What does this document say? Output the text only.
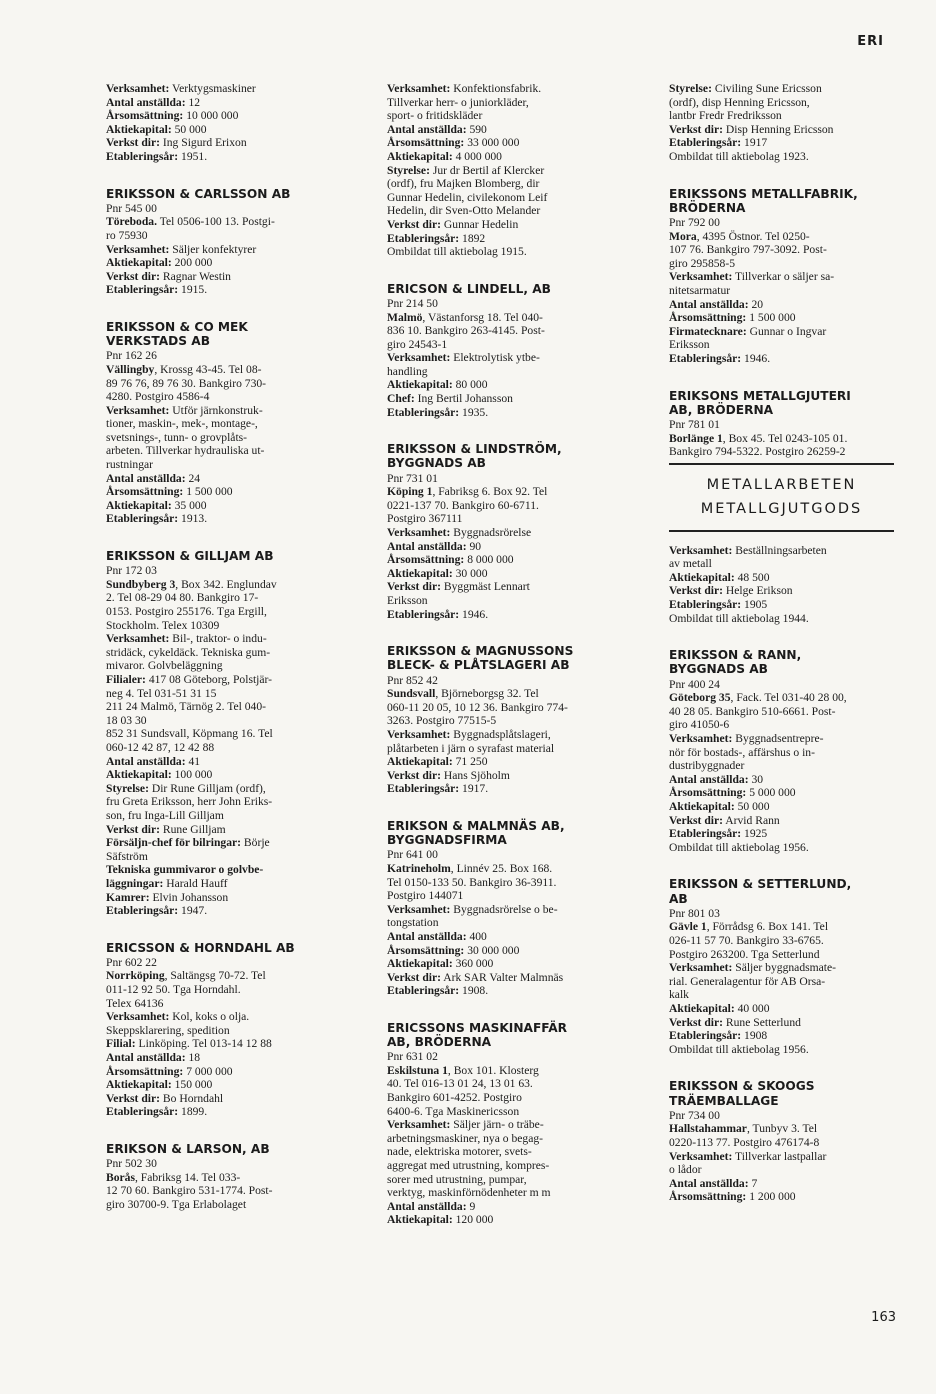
ERI
Verksamhet: Verktygsmaskiner
Antal anställda: 12
Årsomsättning: 10 000 000
Aktiekapital: 50 000
Verkst dir: Ing Sigurd Erixon
Etableringsår: 1951.
ERIKSSON & CARLSSON AB
Pnr 545 00
Töreboda. Tel 0506-100 13. Postgi-
ro 75930
Verksamhet: Säljer konfektyrer
Aktiekapital: 200 000
Verkst dir: Ragnar Westin
Etableringsår: 1915.
ERIKSSON & CO MEK
VERKSTADS AB
Pnr 162 26
Vällingby, Krossg 43-45. Tel 08-
89 76 76, 89 76 30. Bankgiro 730-
4280. Postgiro 4586-4
Verksamhet: Utför järnkonstruk-
tioner, maskin-, mek-, montage-,
svetsnings-, tunn- o grovplåts-
arbeten. Tillverkar hydrauliska ut-
rustningar
Antal anställda: 24
Årsomsättning: 1 500 000
Aktiekapital: 35 000
Etableringsår: 1913.
ERIKSSON & GILLJAM AB
Pnr 172 03
Sundbyberg 3, Box 342. Englundav
2. Tel 08-29 04 80. Bankgiro 17-
0153. Postgiro 255176. Tga Ergill,
Stockholm. Telex 10309
Verksamhet: Bil-, traktor- o indu-
stridäck, cykeldäck. Tekniska gum-
mivaror. Golvbeläggning
Filialer: 417 08 Göteborg, Polstjär-
neg 4. Tel 031-51 31 15
211 24 Malmö, Tärnög 2. Tel 040-
18 03 30
852 31 Sundsvall, Köpmang 16. Tel
060-12 42 87, 12 42 88
Antal anställda: 41
Aktiekapital: 100 000
Styrelse: Dir Rune Gilljam (ordf),
fru Greta Eriksson, herr John Eriks-
son, fru Inga-Lill Gilljam
Verkst dir: Rune Gilljam
Försäljn-chef för bilringar: Börje
Säfström
Tekniska gummivaror o golvbe-
läggningar: Harald Hauff
Kamrer: Elvin Johansson
Etableringsår: 1947.
ERICSSON & HORNDAHL AB
Pnr 602 22
Norrköping, Saltängsg 70-72. Tel
011-12 92 50. Tga Horndahl.
Telex 64136
Verksamhet: Kol, koks o olja.
Skeppsklarering, spedition
Filial: Linköping. Tel 013-14 12 88
Antal anställda: 18
Årsomsättning: 7 000 000
Aktiekapital: 150 000
Verkst dir: Bo Horndahl
Etableringsår: 1899.
ERIKSON & LARSON, AB
Pnr 502 30
Borås, Fabriksg 14. Tel 033-
12 70 60. Bankgiro 531-1774. Post-
giro 30700-9. Tga Erlabolaget
Verksamhet: Konfektionsfabrik.
Tillverkar herr- o juniorkläder,
sport- o fritidskläder
Antal anställda: 590
Årsomsättning: 33 000 000
Aktiekapital: 4 000 000
Styrelse: Jur dr Bertil af Klercker
(ordf), fru Majken Blomberg, dir
Gunnar Hedelin, civilekonom Leif
Hedelin, dir Sven-Otto Melander
Verkst dir: Gunnar Hedelin
Etableringsår: 1892
Ombildat till aktiebolag 1915.
ERICSON & LINDELL, AB
Pnr 214 50
Malmö, Västanforsg 18. Tel 040-
836 10. Bankgiro 263-4145. Post-
giro 24543-1
Verksamhet: Elektrolytisk ytbe-
handling
Aktiekapital: 80 000
Chef: Ing Bertil Johansson
Etableringsår: 1935.
ERIKSSON & LINDSTRÖM,
BYGGNADS AB
Pnr 731 01
Köping 1, Fabriksg 6. Box 92. Tel
0221-137 70. Bankgiro 60-6711.
Postgiro 367111
Verksamhet: Byggnadsrörelse
Antal anställda: 90
Årsomsättning: 8 000 000
Aktiekapital: 30 000
Verkst dir: Byggmäst Lennart
Eriksson
Etableringsår: 1946.
ERIKSSON & MAGNUSSONS
BLECK- & PLÅTSLAGERI AB
Pnr 852 42
Sundsvall, Björneborgsg 32. Tel
060-11 20 05, 10 12 36. Bankgiro 774-
3263. Postgiro 77515-5
Verksamhet: Byggnadsplåtslageri,
plåtarbeten i järn o syrafast material
Aktiekapital: 71 250
Verkst dir: Hans Sjöholm
Etableringsår: 1917.
ERIKSON & MALMNÄS AB,
BYGGNADSFIRMA
Pnr 641 00
Katrineholm, Linnév 25. Box 168.
Tel 0150-133 50. Bankgiro 36-3911.
Postgiro 144071
Verksamhet: Byggnadsrörelse o be-
tongstation
Antal anställda: 400
Årsomsättning: 30 000 000
Aktiekapital: 360 000
Verkst dir: Ark SAR Valter Malmnäs
Etableringsår: 1908.
ERICSSONS MASKINAFFÄR
AB, BRÖDERNA
Pnr 631 02
Eskilstuna 1, Box 101. Klosterg
40. Tel 016-13 01 24, 13 01 63.
Bankgiro 601-4252. Postgiro
6400-6. Tga Maskinericsson
Verksamhet: Säljer järn- o träbe-
arbetningsmaskiner, nya o begag-
nade, elektriska motorer, svets-
aggregat med utrustning, kompres-
sorer med utrustning, pumpar,
verktyg, maskinförnödenheter m m
Antal anställda: 9
Aktiekapital: 120 000
Styrelse: Civiling Sune Ericsson
(ordf), disp Henning Ericsson,
lantbr Fredr Fredriksson
Verkst dir: Disp Henning Ericsson
Etableringsår: 1917
Ombildat till aktiebolag 1923.
ERIKSSONS METALLFABRIK,
BRÖDERNA
Pnr 792 00
Mora, 4395 Östnor. Tel 0250-
107 76. Bankgiro 797-3092. Post-
giro 295858-5
Verksamhet: Tillverkar o säljer sa-
nitetsarmatur
Antal anställda: 20
Årsomsättning: 1 500 000
Firmatecknare: Gunnar o Ingvar
Eriksson
Etableringsår: 1946.
ERIKSONS METALLGJUTERI
AB, BRÖDERNA
Pnr 781 01
Borlänge 1, Box 45. Tel 0243-105 01.
Bankgiro 794-5322. Postgiro 26259-2
METALLARBETEN
METALLGJUTGODS
Verksamhet: Beställningsarbeten
av metall
Aktiekapital: 48 500
Verkst dir: Helge Erikson
Etableringsår: 1905
Ombildat till aktiebolag 1944.
ERIKSSON & RANN,
BYGGNADS AB
Pnr 400 24
Göteborg 35, Fack. Tel 031-40 28 00,
40 28 05. Bankgiro 510-6661. Post-
giro 41050-6
Verksamhet: Byggnadsentrepre-
nör för bostads-, affärshus o in-
dustribyggnader
Antal anställda: 30
Årsomsättning: 5 000 000
Aktiekapital: 50 000
Verkst dir: Arvid Rann
Etableringsår: 1925
Ombildat till aktiebolag 1956.
ERIKSSON & SETTERLUND,
AB
Pnr 801 03
Gävle 1, Förrådsg 6. Box 141. Tel
026-11 57 70. Bankgiro 33-6765.
Postgiro 263200. Tga Setterlund
Verksamhet: Säljer byggnadsmate-
rial. Generalagentur för AB Orsa-
kalk
Aktiekapital: 40 000
Verkst dir: Rune Setterlund
Etableringsår: 1908
Ombildat till aktiebolag 1956.
ERIKSSON & SKOOGS
TRÄEMBALLAGE
Pnr 734 00
Hallstahammar, Tunbyv 3. Tel
0220-113 77. Postgiro 476174-8
Verksamhet: Tillverkar lastpallar
o lådor
Antal anställda: 7
Årsomsättning: 1 200 000
163
